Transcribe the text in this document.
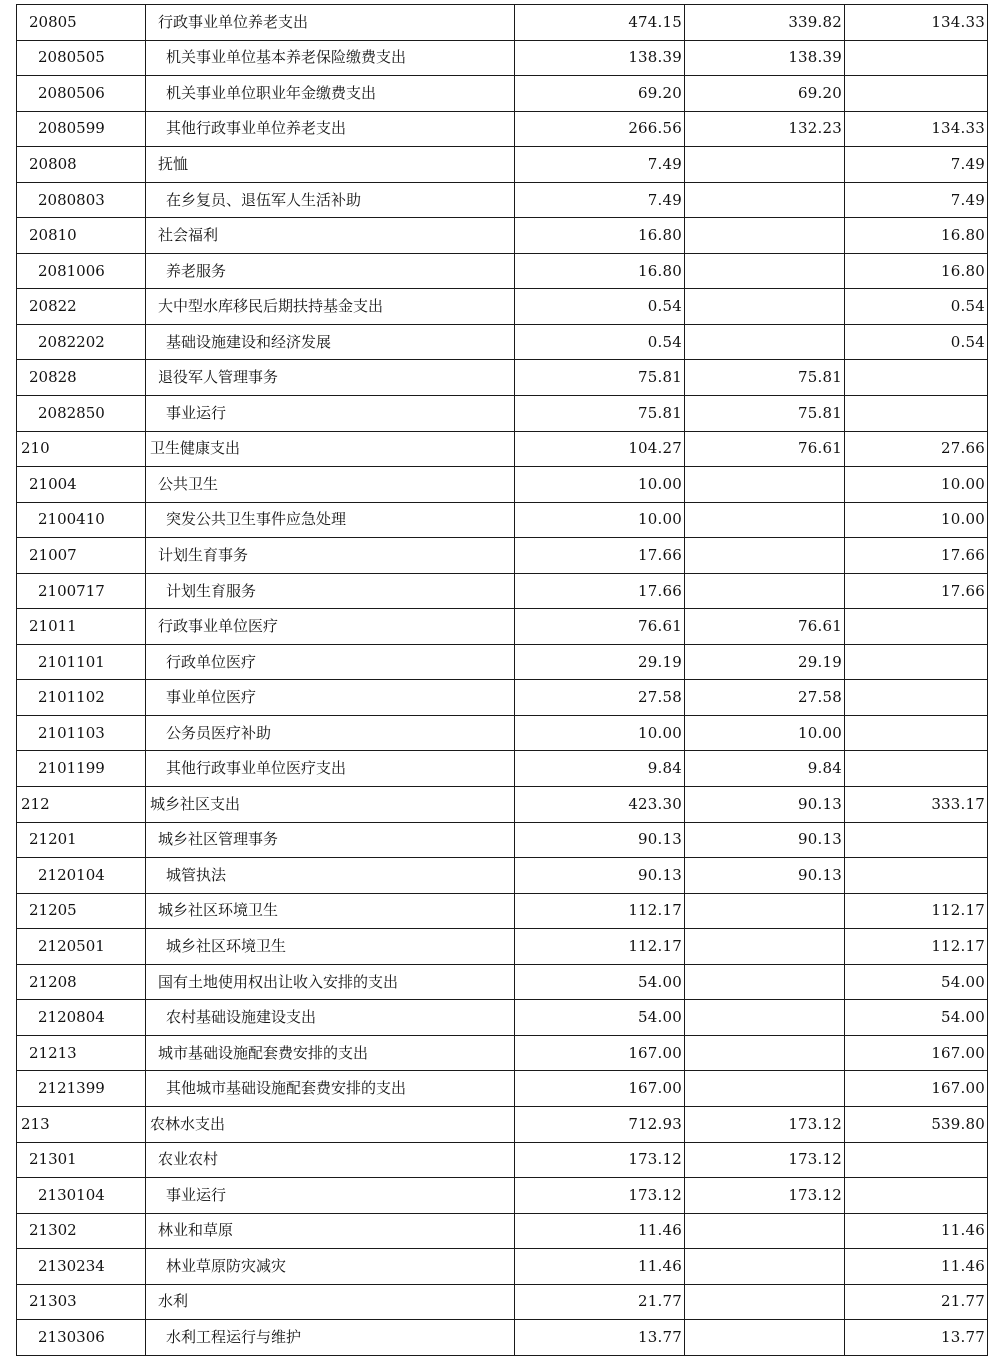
20805	行政事业单位养老支出	474.15	339.82	134.33
2080505	机关事业单位基本养老保险缴费支出	138.39	138.39	
2080506	机关事业单位职业年金缴费支出	69.20	69.20	
2080599	其他行政事业单位养老支出	266.56	132.23	134.33
20808	抚恤	7.49		7.49
2080803	在乡复员、退伍军人生活补助	7.49		7.49
20810	社会福利	16.80		16.80
2081006	养老服务	16.80		16.80
20822	大中型水库移民后期扶持基金支出	0.54		0.54
2082202	基础设施建设和经济发展	0.54		0.54
20828	退役军人管理事务	75.81	75.81	
2082850	事业运行	75.81	75.81	
210	卫生健康支出	104.27	76.61	27.66
21004	公共卫生	10.00		10.00
2100410	突发公共卫生事件应急处理	10.00		10.00
21007	计划生育事务	17.66		17.66
2100717	计划生育服务	17.66		17.66
21011	行政事业单位医疗	76.61	76.61	
2101101	行政单位医疗	29.19	29.19	
2101102	事业单位医疗	27.58	27.58	
2101103	公务员医疗补助	10.00	10.00	
2101199	其他行政事业单位医疗支出	9.84	9.84	
212	城乡社区支出	423.30	90.13	333.17
21201	城乡社区管理事务	90.13	90.13	
2120104	城管执法	90.13	90.13	
21205	城乡社区环境卫生	112.17		112.17
2120501	城乡社区环境卫生	112.17		112.17
21208	国有土地使用权出让收入安排的支出	54.00		54.00
2120804	农村基础设施建设支出	54.00		54.00
21213	城市基础设施配套费安排的支出	167.00		167.00
2121399	其他城市基础设施配套费安排的支出	167.00		167.00
213	农林水支出	712.93	173.12	539.80
21301	农业农村	173.12	173.12	
2130104	事业运行	173.12	173.12	
21302	林业和草原	11.46		11.46
2130234	林业草原防灾减灾	11.46		11.46
21303	水利	21.77		21.77
2130306	水利工程运行与维护	13.77		13.77
